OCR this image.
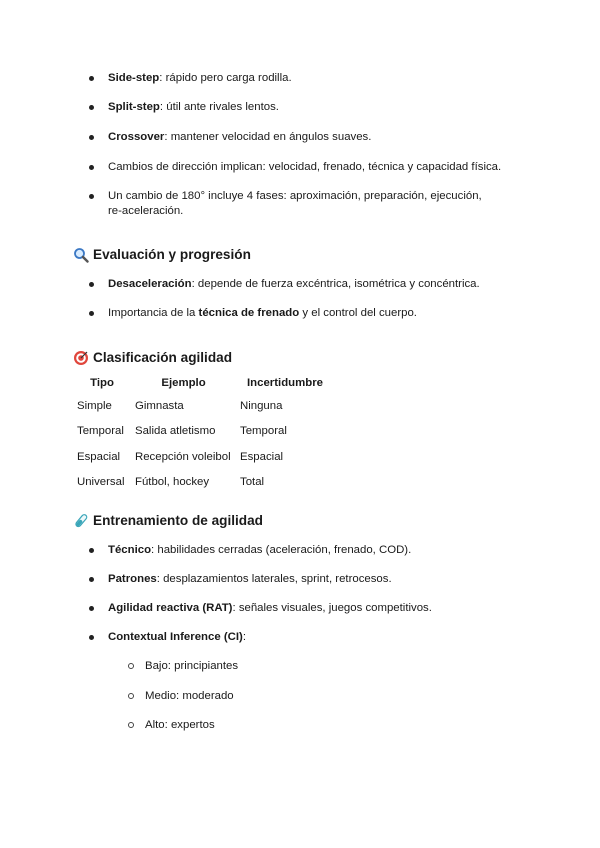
Side-step: rápido pero carga rodilla.
Split-step: útil ante rivales lentos.
Crossover: mantener velocidad en ángulos suaves.
Cambios de dirección implican: velocidad, frenado, técnica y capacidad física.
Un cambio de 180° incluye 4 fases: aproximación, preparación, ejecución, re-aceleración.
Evaluación y progresión
Desaceleración: depende de fuerza excéntrica, isométrica y concéntrica.
Importancia de la técnica de frenado y el control del cuerpo.
Clasificación agilidad
Tipo	Ejemplo	Incertidumbre
Simple	Gimnasta	Ninguna
Temporal	Salida atletismo	Temporal
Espacial	Recepción voleibol	Espacial
Universal	Fútbol, hockey	Total
Entrenamiento de agilidad
Técnico: habilidades cerradas (aceleración, frenado, COD).
Patrones: desplazamientos laterales, sprint, retrocesos.
Agilidad reactiva (RAT): señales visuales, juegos competitivos.
Contextual Inference (CI):
Bajo: principiantes
Medio: moderado
Alto: expertos
